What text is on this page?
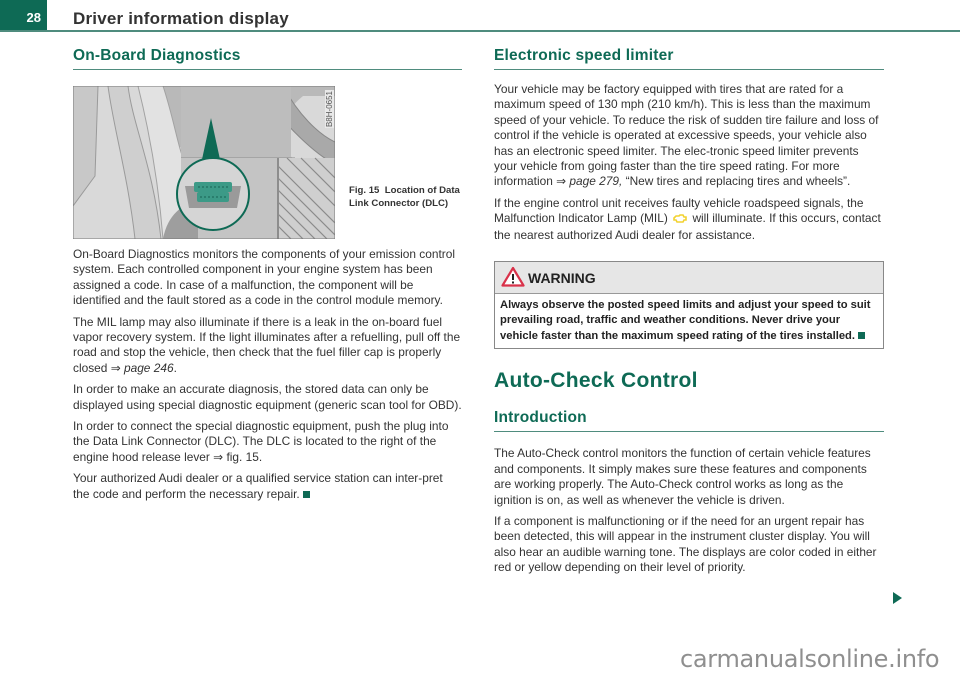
28 Driver information display
On-Board Diagnostics
B8H-0651
Fig. 15 Location of Data Link Connector (DLC)

On-Board Diagnostics monitors the components of your emission control system. Each controlled component in your engine system has been assigned a code. In case of a malfunction, the component will be identified and the fault stored as a code in the control module memory.

The MIL lamp may also illuminate if there is a leak in the on-board fuel vapor recovery system. If the light illuminates after a refuelling, pull off the road and stop the vehicle, then check that the fuel filler cap is properly closed ⇒ page 246.

In order to make an accurate diagnosis, the stored data can only be displayed using special diagnostic equipment (generic scan tool for OBD).

In order to connect the special diagnostic equipment, push the plug into the Data Link Connector (DLC). The DLC is located to the right of the engine hood release lever ⇒ fig. 15.

Your authorized Audi dealer or a qualified service station can inter-pret the code and perform the necessary repair.

Electronic speed limiter

Your vehicle may be factory equipped with tires that are rated for a maximum speed of 130 mph (210 km/h). This is less than the maximum speed of your vehicle. To reduce the risk of sudden tire failure and loss of control if the vehicle is operated at excessive speeds, your vehicle also has an electronic speed limiter. The elec-tronic speed limiter prevents your vehicle from going faster than the tire speed rating. For more information ⇒ page 279, “New tires and replacing tires and wheels”.

If the engine control unit receives faulty vehicle roadspeed signals, the Malfunction Indicator Lamp (MIL) will illuminate. If this occurs, contact the nearest authorized Audi dealer for assistance.

WARNING
Always observe the posted speed limits and adjust your speed to suit prevailing road, traffic and weather conditions. Never drive your vehicle faster than the maximum speed rating of the tires installed.
Auto-Check Control
Introduction

The Auto-Check control monitors the function of certain vehicle features and components. It simply makes sure these features and components are working properly. The Auto-Check control works as long as the ignition is on, as well as whenever the vehicle is driven.

If a component is malfunctioning or if the need for an urgent repair has been detected, this will appear in the instrument cluster display. You will also hear an audible warning tone. The displays are color coded in either red or yellow depending on their level of priority.

carmanualsonline.info
